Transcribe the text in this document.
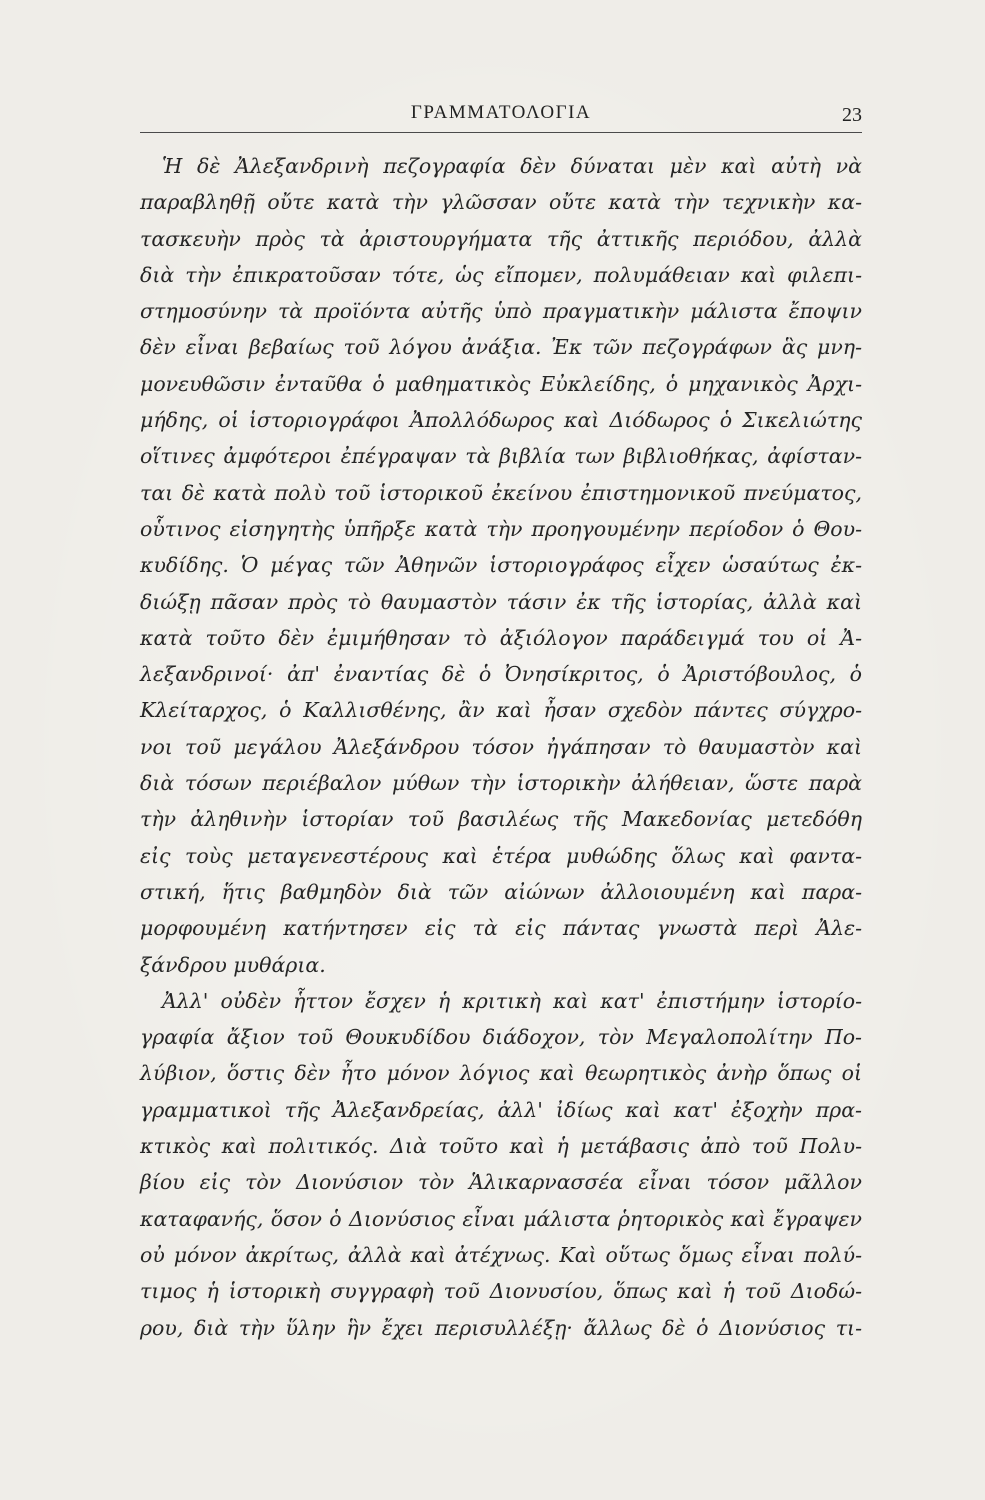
ΓΡΑΜΜΑΤΟΛΟΓΙΑ	23
Ἡ δὲ Ἀλεξανδρινὴ πεζογραφία δὲν δύναται μὲν καὶ αὐτὴ νὰ
παραβληθῇ οὔτε κατὰ τὴν γλῶσσαν οὔτε κατὰ τὴν τεχνικὴν κα-
τασκευὴν πρὸς τὰ ἀριστουργήματα τῆς ἀττικῆς περιόδου, ἀλλὰ
διὰ τὴν ἐπικρατοῦσαν τότε, ὡς εἴπομεν, πολυμάθειαν καὶ φιλεπι-
στημοσύνην τὰ προϊόντα αὐτῆς ὑπὸ πραγματικὴν μάλιστα ἔποψιν
δὲν εἶναι βεβαίως τοῦ λόγου ἀνάξια. Ἐκ τῶν πεζογράφων ἃς μνη-
μονευθῶσιν ἐνταῦθα ὁ μαθηματικὸς Εὐκλείδης, ὁ μηχανικὸς Ἀρχι-
μήδης, οἱ ἱστοριογράφοι Ἀπολλόδωρος καὶ Διόδωρος ὁ Σικελιώτης
οἵτινες ἀμφότεροι ἐπέγραψαν τὰ βιβλία των βιβλιοθήκας, ἀφίσταν-
ται δὲ κατὰ πολὺ τοῦ ἱστορικοῦ ἐκείνου ἐπιστημονικοῦ πνεύματος,
οὗτινος εἰσηγητὴς ὑπῆρξε κατὰ τὴν προηγουμένην περίοδον ὁ Θου-
κυδίδης. Ὁ μέγας τῶν Ἀθηνῶν ἱστοριογράφος εἶχεν ὡσαύτως ἐκ-
διώξῃ πᾶσαν πρὸς τὸ θαυμαστὸν τάσιν ἐκ τῆς ἱστορίας, ἀλλὰ καὶ
κατὰ τοῦτο δὲν ἐμιμήθησαν τὸ ἀξιόλογον παράδειγμά του οἱ Ἀ-
λεξανδρινοί· ἀπ' ἐναντίας δὲ ὁ Ὀνησίκριτος, ὁ Ἀριστόβουλος, ὁ
Κλείταρχος, ὁ Καλλισθένης, ἂν καὶ ἦσαν σχεδὸν πάντες σύγχρο-
νοι τοῦ μεγάλου Ἀλεξάνδρου τόσον ἠγάπησαν τὸ θαυμαστὸν καὶ
διὰ τόσων περιέβαλον μύθων τὴν ἱστορικὴν ἀλήθειαν, ὥστε παρὰ
τὴν ἀληθινὴν ἱστορίαν τοῦ βασιλέως τῆς Μακεδονίας μετεδόθη
εἰς τοὺς μεταγενεστέρους καὶ ἑτέρα μυθώδης ὅλως καὶ φαντα-
στική, ἥτις βαθμηδὸν διὰ τῶν αἰώνων ἀλλοιουμένη καὶ παρα-
μορφουμένη κατήντησεν εἰς τὰ εἰς πάντας γνωστὰ περὶ Ἀλε-
ξάνδρου μυθάρια.
Ἀλλ' οὐδὲν ἧττον ἔσχεν ἡ κριτικὴ καὶ κατ' ἐπιστήμην ἱστορίο-
γραφία ἄξιον τοῦ Θουκυδίδου διάδοχον, τὸν Μεγαλοπολίτην Πο-
λύβιον, ὅστις δὲν ἦτο μόνον λόγιος καὶ θεωρητικὸς ἀνὴρ ὅπως οἱ
γραμματικοὶ τῆς Ἀλεξανδρείας, ἀλλ' ἰδίως καὶ κατ' ἐξοχὴν πρα-
κτικὸς καὶ πολιτικός. Διὰ τοῦτο καὶ ἡ μετάβασις ἀπὸ τοῦ Πολυ-
βίου εἰς τὸν Διονύσιον τὸν Ἁλικαρνασσέα εἶναι τόσον μᾶλλον
καταφανής, ὅσον ὁ Διονύσιος εἶναι μάλιστα ῥητορικὸς καὶ ἔγραψεν
οὐ μόνον ἀκρίτως, ἀλλὰ καὶ ἀτέχνως. Καὶ οὕτως ὅμως εἶναι πολύ-
τιμος ἡ ἱστορικὴ συγγραφὴ τοῦ Διονυσίου, ὅπως καὶ ἡ τοῦ Διοδώ-
ρου, διὰ τὴν ὕλην ἣν ἔχει περισυλλέξῃ· ἄλλως δὲ ὁ Διονύσιος τι-
